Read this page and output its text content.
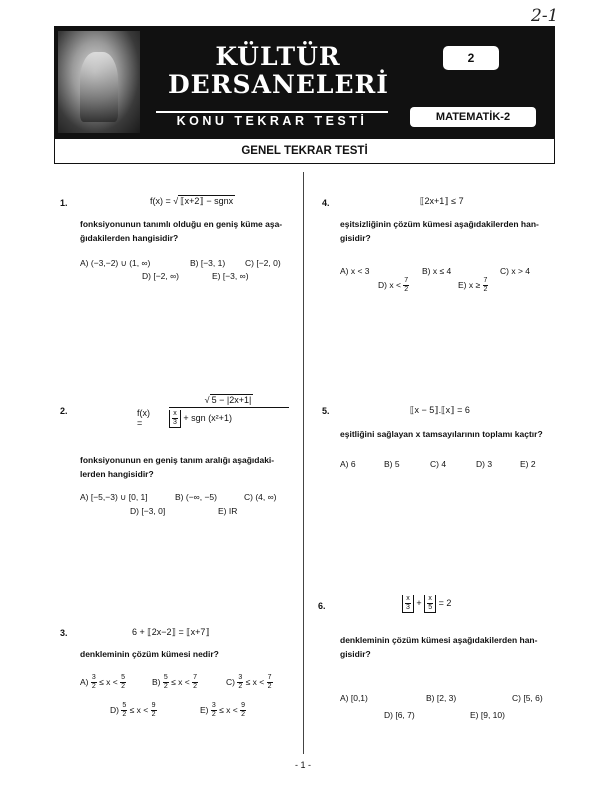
2-1
KÜLTÜR
DERSANELERİ
KONU TEKRAR TESTİ
2
MATEMATİK-2
GENEL TEKRAR TESTİ
1.	f(x) = √ ⟦x+2⟧ − sgnx
fonksiyonunun tanımlı olduğu en geniş küme aşa-
ğıdakilerden hangisidir?
A) (−3,−2) ∪ (1, ∞)	B) [−3, 1) C) [−2, 0)
D) [−2, ∞)	E) [−3, ∞)
2.	f(x) =
√ 5 − |2x+1|
$\frac{x}{3}$ + sgn (x²+1)
fonksiyonunun en geniş tanım aralığı aşağıdaki-
lerden hangisidir?
A) [−5,−3) ∪ [0, 1]	B) (−∞, −5)	C) (4, ∞)
D) [−3, 0]	E) IR
3.	6 + ⟦2x−2⟧ = ⟦x+7⟧
denkleminin çözüm kümesi nedir?
$A) \frac{3}{2} \le x < \frac{5}{2}$	$B) \frac{5}{2} \le x < \frac{7}{2}$	$C) \frac{3}{2} \le x < \frac{7}{2}$
$D) \frac{5}{2} \le x < \frac{9}{2}$	$E) \frac{3}{2} \le x < \frac{9}{2}$
4.	⟦2x+1⟧ ≤ 7
eşitsizliğinin çözüm kümesi aşağıdakilerden han-
gisidir?
A) x < 3	B) x ≤ 4	C) x > 4
D) $x < \frac{7}{2}$	E) $x \ge \frac{7}{2}$
5.	⟦x − 5⟧.⟦x⟧ = 6
eşitliğini sağlayan x tamsayılarının toplamı kaçtır?
A) 6	B) 5	C) 4	D) 3	E) 2
6.	$\frac{x}{3} + \frac{x}{5} = 2$
denkleminin çözüm kümesi aşağıdakilerden han-
gisidir?
A) [0,1)	B) [2, 3)	C) [5, 6)
D) [6, 7)	E) [9, 10)
- 1 -
